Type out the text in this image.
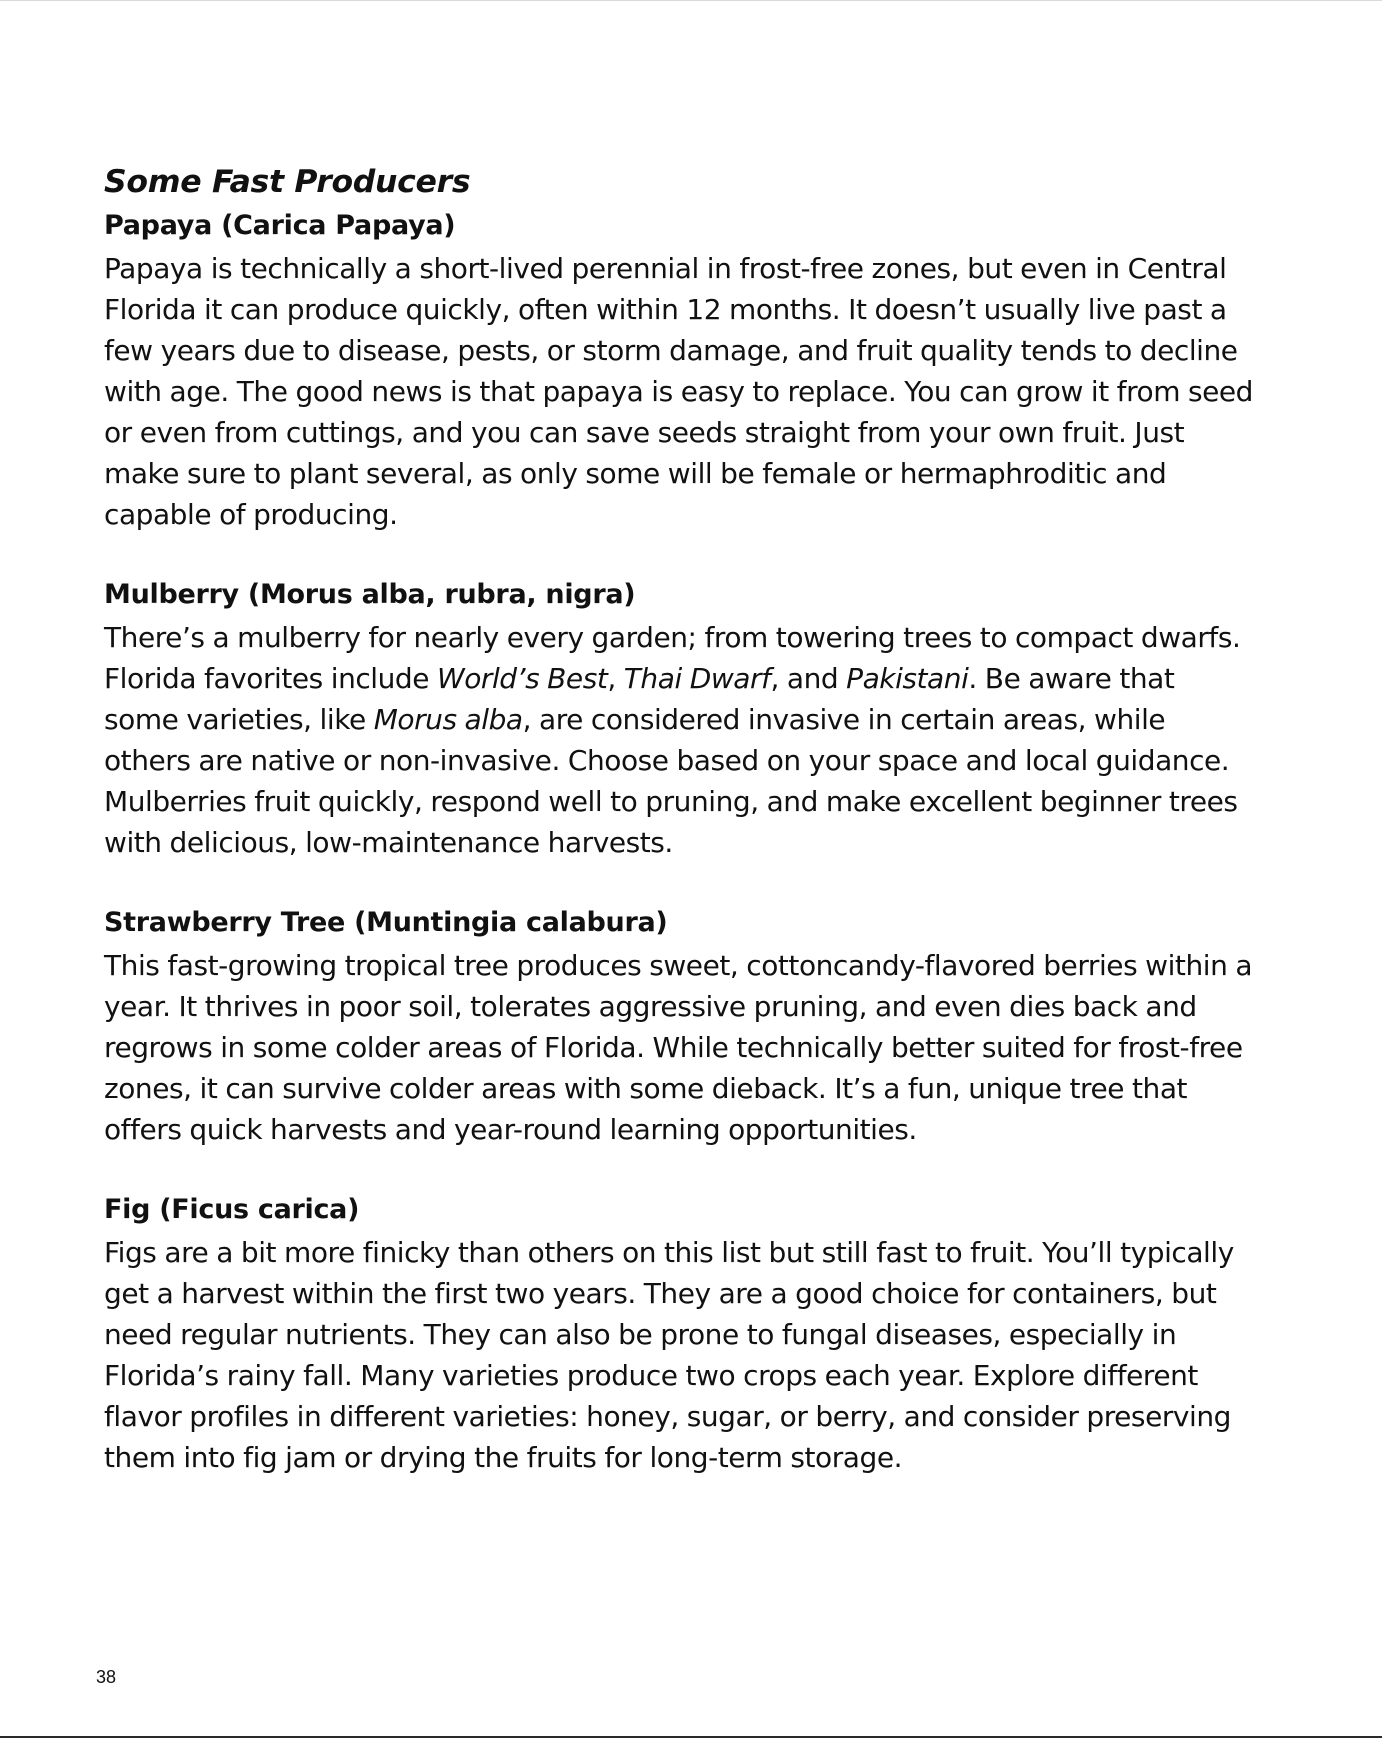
Some Fast Producers
Papaya (Carica Papaya)

Papaya is technically a short-lived perennial in frost-free zones, but even in Central Florida it can produce quickly, often within 12 months. It doesn’t usually live past a few years due to disease, pests, or storm damage, and fruit quality tends to decline with age. The good news is that papaya is easy to replace. You can grow it from seed or even from cuttings, and you can save seeds straight from your own fruit. Just make sure to plant several, as only some will be female or hermaphroditic and capable of producing.

Mulberry (Morus alba, rubra, nigra)

There’s a mulberry for nearly every garden; from towering trees to compact dwarfs. Florida favorites include World’s Best, Thai Dwarf, and Pakistani. Be aware that some varieties, like Morus alba, are considered invasive in certain areas, while others are native or non-invasive. Choose based on your space and local guidance. Mulberries fruit quickly, respond well to pruning, and make excellent beginner trees with delicious, low-maintenance harvests.

Strawberry Tree (Muntingia calabura)

This fast-growing tropical tree produces sweet, cottoncandy-flavored berries within a year. It thrives in poor soil, tolerates aggressive pruning, and even dies back and regrows in some colder areas of Florida. While technically better suited for frost-free zones, it can survive colder areas with some dieback. It’s a fun, unique tree that offers quick harvests and year-round learning opportunities.

Fig (Ficus carica)

Figs are a bit more finicky than others on this list but still fast to fruit. You’ll typically get a harvest within the first two years. They are a good choice for containers, but need regular nutrients. They can also be prone to fungal diseases, especially in Florida’s rainy fall. Many varieties produce two crops each year. Explore different flavor profiles in different varieties: honey, sugar, or berry, and consider preserving them into fig jam or drying the fruits for long-term storage.

38
